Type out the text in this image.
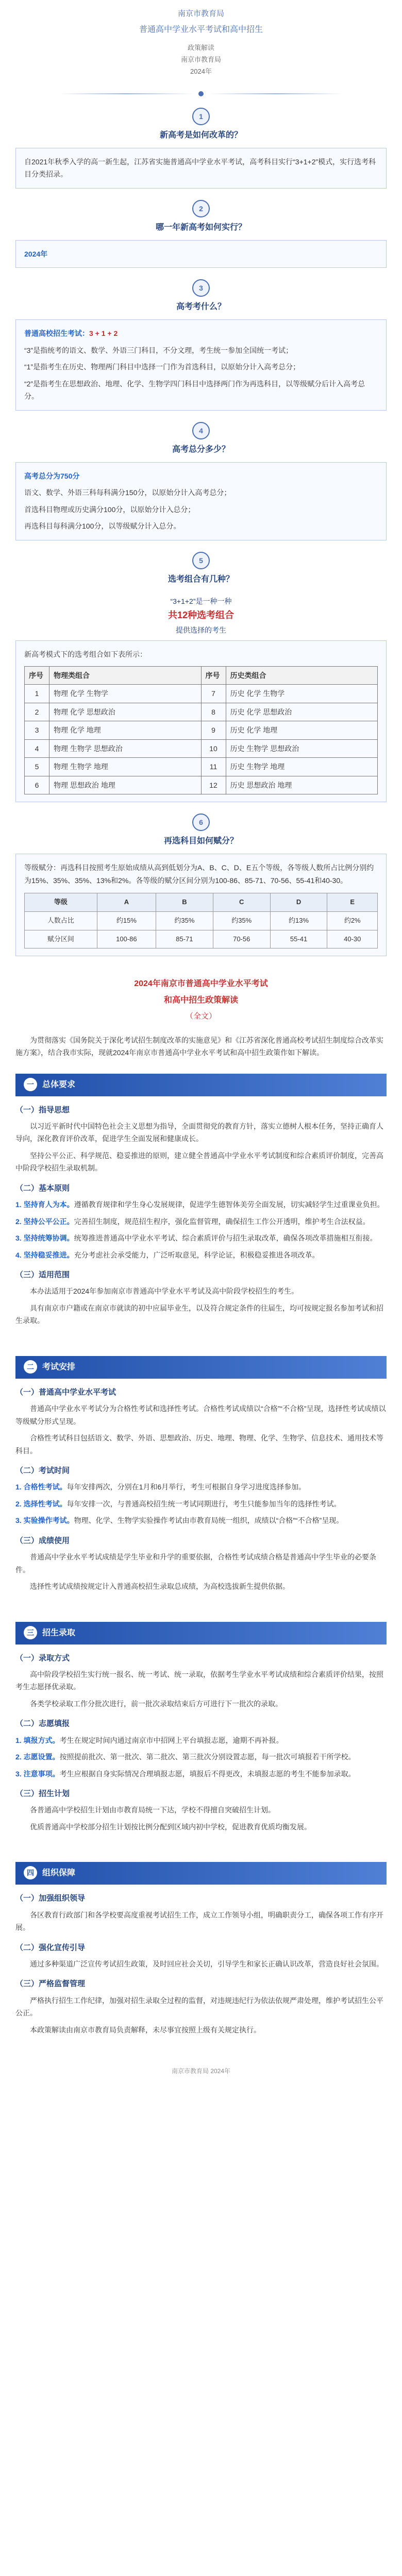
南京市教育局
普通高中学业水平考试和高中招生
政策解读
南京市教育局
2024年
1
新高考是如何改革的？

自2021年秋季入学的高一新生起，江苏省实施普通高中学业水平考试，高考科目实行“3+1+2”模式，实行选考科目分类招录。

2
哪一年新高考如何实行？

2024年

3
高考考什么？

普通高校招生考试：3 + 1 + 2

“3”是指统考的语文、数学、外语三门科目，不分文理，考生统一参加全国统一考试；

“1”是指考生在历史、物理两门科目中选择一门作为首选科目，以原始分计入高考总分；

“2”是指考生在思想政治、地理、化学、生物学四门科目中选择两门作为再选科目，以等级赋分后计入高考总分。

4
高考总分多少？

高考总分为750分

语文、数学、外语三科每科满分150分，以原始分计入高考总分；

首选科目物理或历史满分100分，以原始分计入总分；

再选科目每科满分100分，以等级赋分计入总分。

5
选考组合有几种？
“3+1+2”是一种一种
共12种选考组合
提供选择的考生

新高考模式下的选考组合如下表所示：

序号	物理类组合	序号	历史类组合
1	物理 化学 生物学	7	历史 化学 生物学
2	物理 化学 思想政治	8	历史 化学 思想政治
3	物理 化学 地理	9	历史 化学 地理
4	物理 生物学 思想政治	10	历史 生物学 思想政治
5	物理 生物学 地理	11	历史 生物学 地理
6	物理 思想政治 地理	12	历史 思想政治 地理
6
再选科目如何赋分？

等级赋分：再选科目按照考生原始成绩从高到低划分为A、B、C、D、E五个等级，各等级人数所占比例分别约为15%、35%、35%、13%和2%。各等级的赋分区间分别为100-86、85-71、70-56、55-41和40-30。

等级	A	B	C	D	E
人数占比	约15%	约35%	约35%	约13%	约2%
赋分区间	100-86	85-71	70-56	55-41	40-30
2024年南京市普通高中学业水平考试
和高中招生政策解读
（全文）
为贯彻落实《国务院关于深化考试招生制度改革的实施意见》和《江苏省深化普通高校考试招生制度综合改革实施方案》，结合我市实际，现就2024年南京市普通高中学业水平考试和高中招生政策作如下解读。
一 总体要求
（一）指导思想
以习近平新时代中国特色社会主义思想为指导，全面贯彻党的教育方针，落实立德树人根本任务，坚持正确育人导向，深化教育评价改革，促进学生全面发展和健康成长。
坚持公平公正、科学规范、稳妥推进的原则，建立健全普通高中学业水平考试制度和综合素质评价制度，完善高中阶段学校招生录取机制。
（二）基本原则
1. 坚持育人为本。遵循教育规律和学生身心发展规律，促进学生德智体美劳全面发展，切实减轻学生过重课业负担。
2. 坚持公平公正。完善招生制度，规范招生程序，强化监督管理，确保招生工作公开透明，维护考生合法权益。
3. 坚持统筹协调。统筹推进普通高中学业水平考试、综合素质评价与招生录取改革，确保各项改革措施相互衔接。
4. 坚持稳妥推进。充分考虑社会承受能力，广泛听取意见，科学论证，积极稳妥推进各项改革。
（三）适用范围
本办法适用于2024年参加南京市普通高中学业水平考试及高中阶段学校招生的考生。
具有南京市户籍或在南京市就读的初中应届毕业生，以及符合规定条件的往届生，均可按规定报名参加考试和招生录取。
二 考试安排
（一）普通高中学业水平考试
普通高中学业水平考试分为合格性考试和选择性考试。合格性考试成绩以“合格”“不合格”呈现，选择性考试成绩以等级赋分形式呈现。
合格性考试科目包括语文、数学、外语、思想政治、历史、地理、物理、化学、生物学、信息技术、通用技术等科目。
（二）考试时间
1. 合格性考试。每年安排两次，分别在1月和6月举行，考生可根据自身学习进度选择参加。
2. 选择性考试。每年安排一次，与普通高校招生统一考试同期进行，考生只能参加当年的选择性考试。
3. 实验操作考试。物理、化学、生物学实验操作考试由市教育局统一组织，成绩以“合格”“不合格”呈现。
（三）成绩使用
普通高中学业水平考试成绩是学生毕业和升学的重要依据，合格性考试成绩合格是普通高中学生毕业的必要条件。
选择性考试成绩按规定计入普通高校招生录取总成绩，为高校选拔新生提供依据。
三 招生录取
（一）录取方式
高中阶段学校招生实行统一报名、统一考试、统一录取，依据考生学业水平考试成绩和综合素质评价结果，按照考生志愿择优录取。
各类学校录取工作分批次进行，前一批次录取结束后方可进行下一批次的录取。
（二）志愿填报
1. 填报方式。考生在规定时间内通过南京市中招网上平台填报志愿，逾期不再补报。
2. 志愿设置。按照提前批次、第一批次、第二批次、第三批次分别设置志愿，每一批次可填报若干所学校。
3. 注意事项。考生应根据自身实际情况合理填报志愿，填报后不得更改，未填报志愿的考生不能参加录取。
（三）招生计划
各普通高中学校招生计划由市教育局统一下达，学校不得擅自突破招生计划。
优质普通高中学校部分招生计划按比例分配到区域内初中学校，促进教育优质均衡发展。
四 组织保障
（一）加强组织领导
各区教育行政部门和各学校要高度重视考试招生工作，成立工作领导小组，明确职责分工，确保各项工作有序开展。
（二）强化宣传引导
通过多种渠道广泛宣传考试招生政策，及时回应社会关切，引导学生和家长正确认识改革，营造良好社会氛围。
（三）严格监督管理
严格执行招生工作纪律，加强对招生录取全过程的监督，对违规违纪行为依法依规严肃处理，维护考试招生公平公正。
本政策解读由南京市教育局负责解释，未尽事宜按照上级有关规定执行。
南京市教育局 2024年
